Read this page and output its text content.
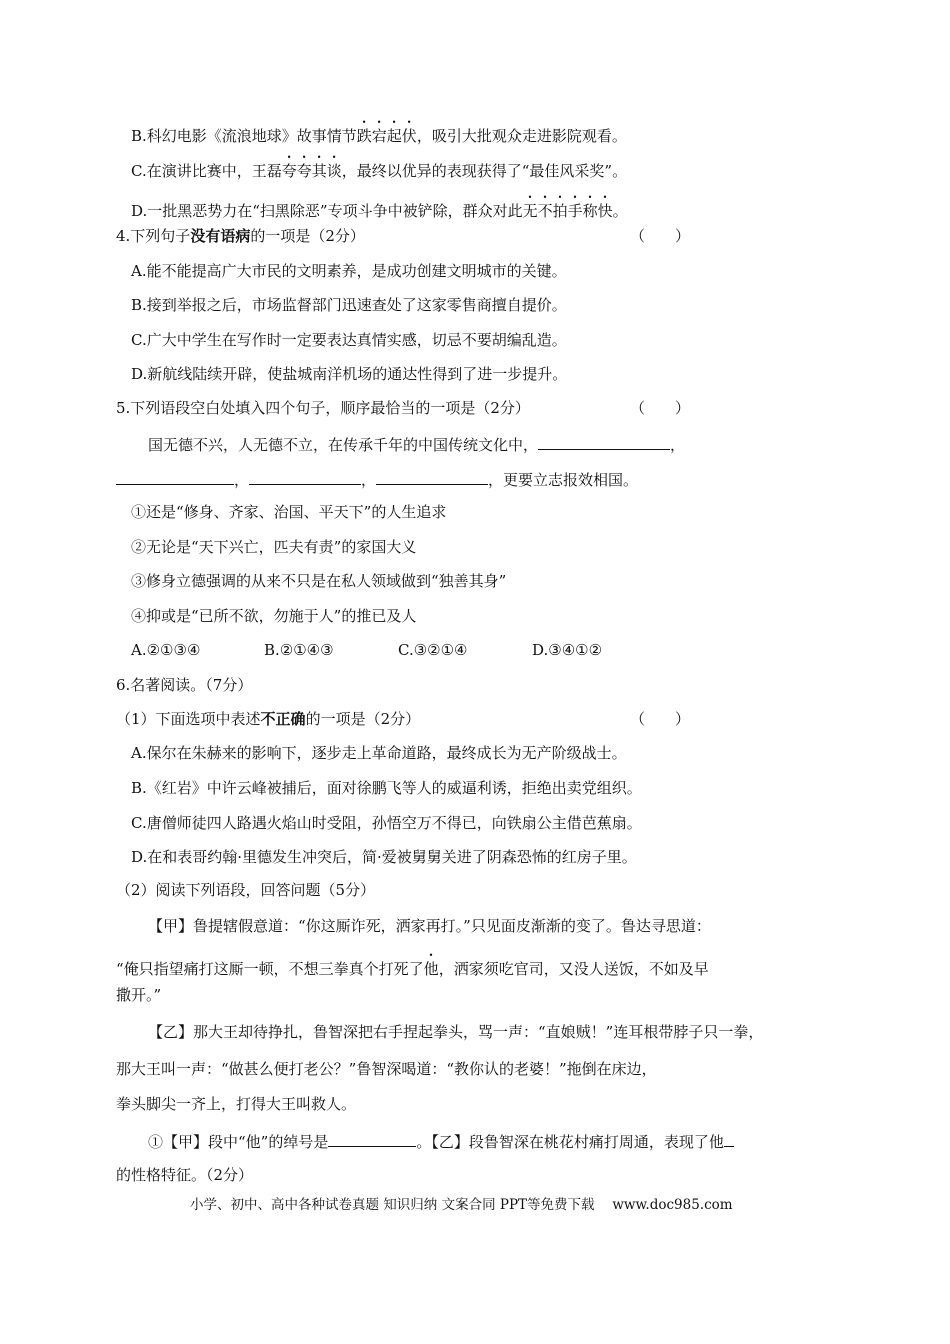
B.科幻电影《流浪地球》故事情节跌宕起伏，吸引大批观众走进影院观看。
C.在演讲比赛中，王磊夸夸其谈，最终以优异的表现获得了“最佳风采奖”。
D.一批黑恶势力在“扫黑除恶”专项斗争中被铲除，群众对此无不拍手称快。
4.下列句子没有语病的一项是（2分）	（　　）
A.能不能提高广大市民的文明素养，是成功创建文明城市的关键。
B.接到举报之后，市场监督部门迅速查处了这家零售商擅自提价。
C.广大中学生在写作时一定要表达真情实感，切忌不要胡编乱造。
D.新航线陆续开辟，使盐城南洋机场的通达性得到了进一步提升。
5.下列语段空白处填入四个句子，顺序最恰当的一项是（2分）	（　　）
国无德不兴，人无德不立，在传承千年的中国传统文化中，	，
，	，	，更要立志报效相国。
①还是“修身、齐家、治国、平天下”的人生追求
②无论是“天下兴亡，匹夫有责”的家国大义
③修身立德强调的从来不只是在私人领域做到“独善其身”
④抑或是“已所不欲，勿施于人”的推已及人
A.②①③④	B.②①④③	C.③②①④	D.③④①②
6.名著阅读。（7分）
（1）下面选项中表述不正确的一项是（2分）	（　　）
A.保尔在朱赫来的影响下，逐步走上革命道路，最终成长为无产阶级战士。
B.《红岩》中许云峰被捕后，面对徐鹏飞等人的威逼利诱，拒绝出卖党组织。
C.唐僧师徒四人路遇火焰山时受阻，孙悟空万不得已，向铁扇公主借芭蕉扇。
D.在和表哥约翰·里德发生冲突后，简·爱被舅舅关进了阴森恐怖的红房子里。
（2）阅读下列语段，回答问题（5分）
【甲】鲁提辖假意道：“你这厮诈死，洒家再打。”只见面皮渐渐的变了。鲁达寻思道：
“俺只指望痛打这厮一顿，不想三拳真个打死了他，洒家须吃官司，又没人送饭，不如及早
撒开。”
【乙】那大王却待挣扎，鲁智深把右手捏起拳头，骂一声：“直娘贼！”连耳根带脖子只一拳，
那大王叫一声：“做甚么便打老公？”鲁智深喝道：“教你认的老婆！”拖倒在床边，
拳头脚尖一齐上，打得大王叫救人。
①【甲】段中“他”的绰号是	。【乙】段鲁智深在桃花村痛打周通，表现了他
的性格特征。（2分）
小学、初中、高中各种试卷真题 知识归纳 文案合同 PPT等免费下载　 www.doc985.com
